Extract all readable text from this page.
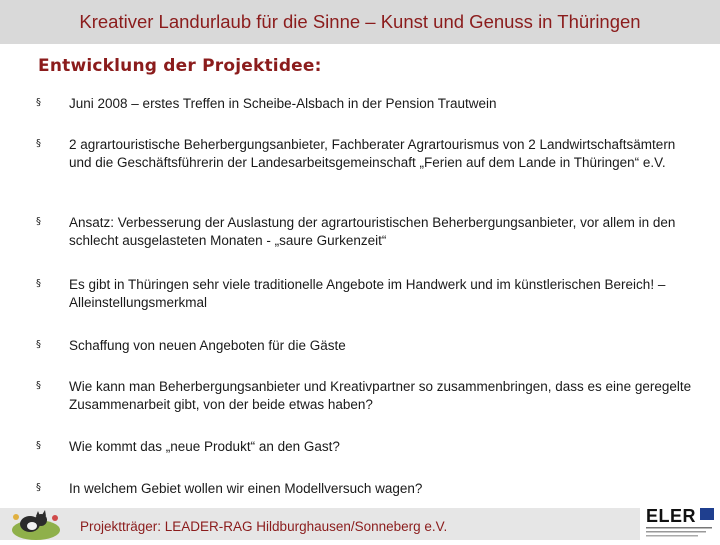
Kreativer Landurlaub für die Sinne – Kunst und Genuss in Thüringen
Entwicklung der Projektidee:
§	Juni 2008 – erstes Treffen in Scheibe-Alsbach in der Pension Trautwein
§	2 agrartouristische Beherbergungsanbieter, Fachberater Agrartourismus von 2 Landwirtschaftsämtern und die Geschäftsführerin der Landesarbeitsgemeinschaft „Ferien auf dem Lande in Thüringen“ e.V.
§	Ansatz: Verbesserung der Auslastung der agrartouristischen Beherbergungsanbieter, vor allem in den schlecht ausgelasteten Monaten - „saure Gurkenzeit“
§	Es gibt in Thüringen sehr viele traditionelle Angebote im Handwerk und im künstlerischen Bereich! – Alleinstellungsmerkmal
§	Schaffung von neuen Angeboten für die Gäste
§	Wie kann man Beherbergungsanbieter und Kreativpartner so zusammenbringen, dass es eine geregelte Zusammenarbeit gibt, von der beide etwas haben?
§	Wie kommt das „neue Produkt“ an den Gast?
§	In welchem Gebiet wollen wir einen Modellversuch wagen?
Projektträger: LEADER-RAG Hildburghausen/Sonneberg e.V.
ELER
